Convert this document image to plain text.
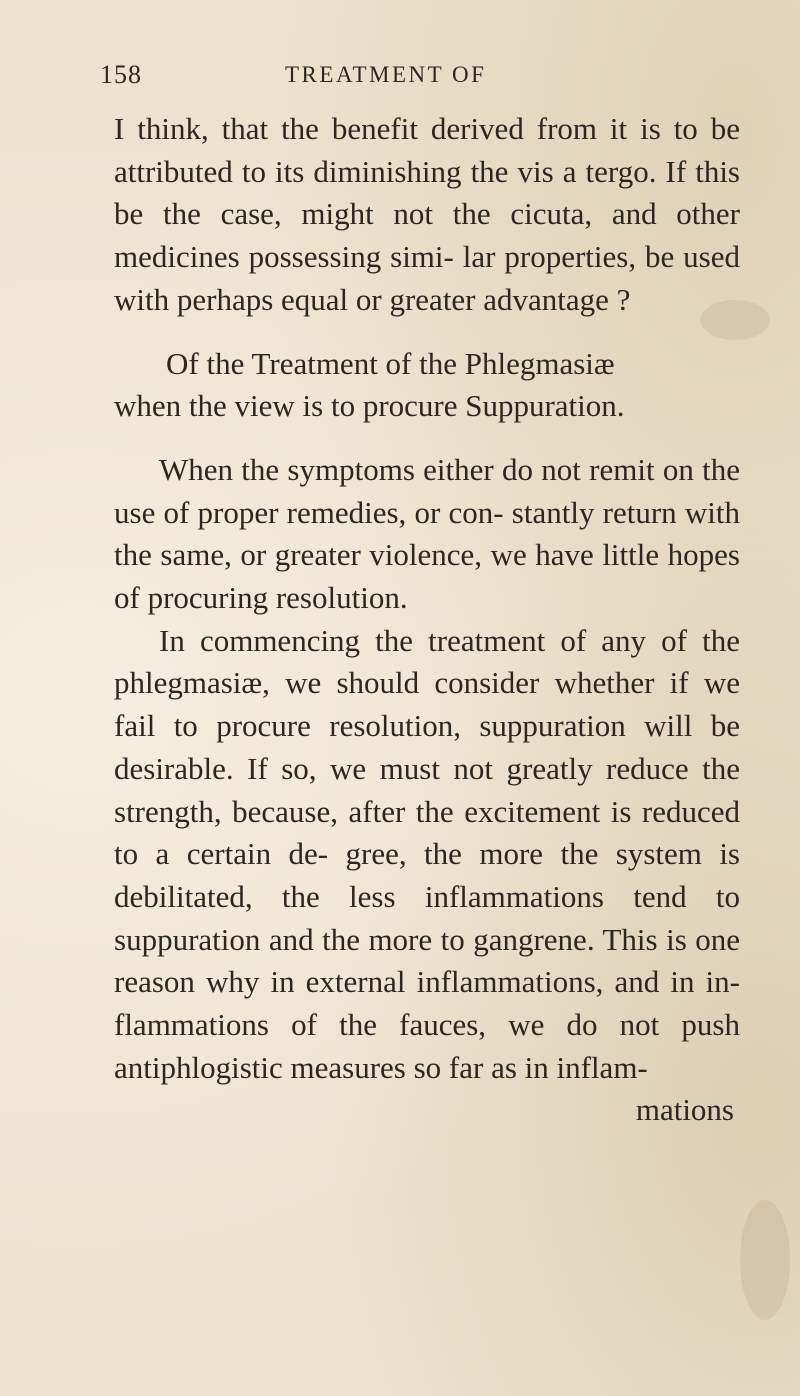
158	TREATMENT OF

I think, that the benefit derived from it is to be attributed to its diminishing the vis a tergo. If this be the case, might not the cicuta, and other medicines possessing simi- lar properties, be used with perhaps equal or greater advantage ?

Of the Treatment of the Phlegmasiæ
when the view is to procure Suppuration.

When the symptoms either do not remit on the use of proper remedies, or con- stantly return with the same, or greater violence, we have little hopes of procuring resolution.

In commencing the treatment of any of the phlegmasiæ, we should consider whether if we fail to procure resolution, suppuration will be desirable. If so, we must not greatly reduce the strength, because, after the excitement is reduced to a certain de- gree, the more the system is debilitated, the less inflammations tend to suppuration and the more to gangrene. This is one reason why in external inflammations, and in in- flammations of the fauces, we do not push antiphlogistic measures so far as in inflam-

mations
